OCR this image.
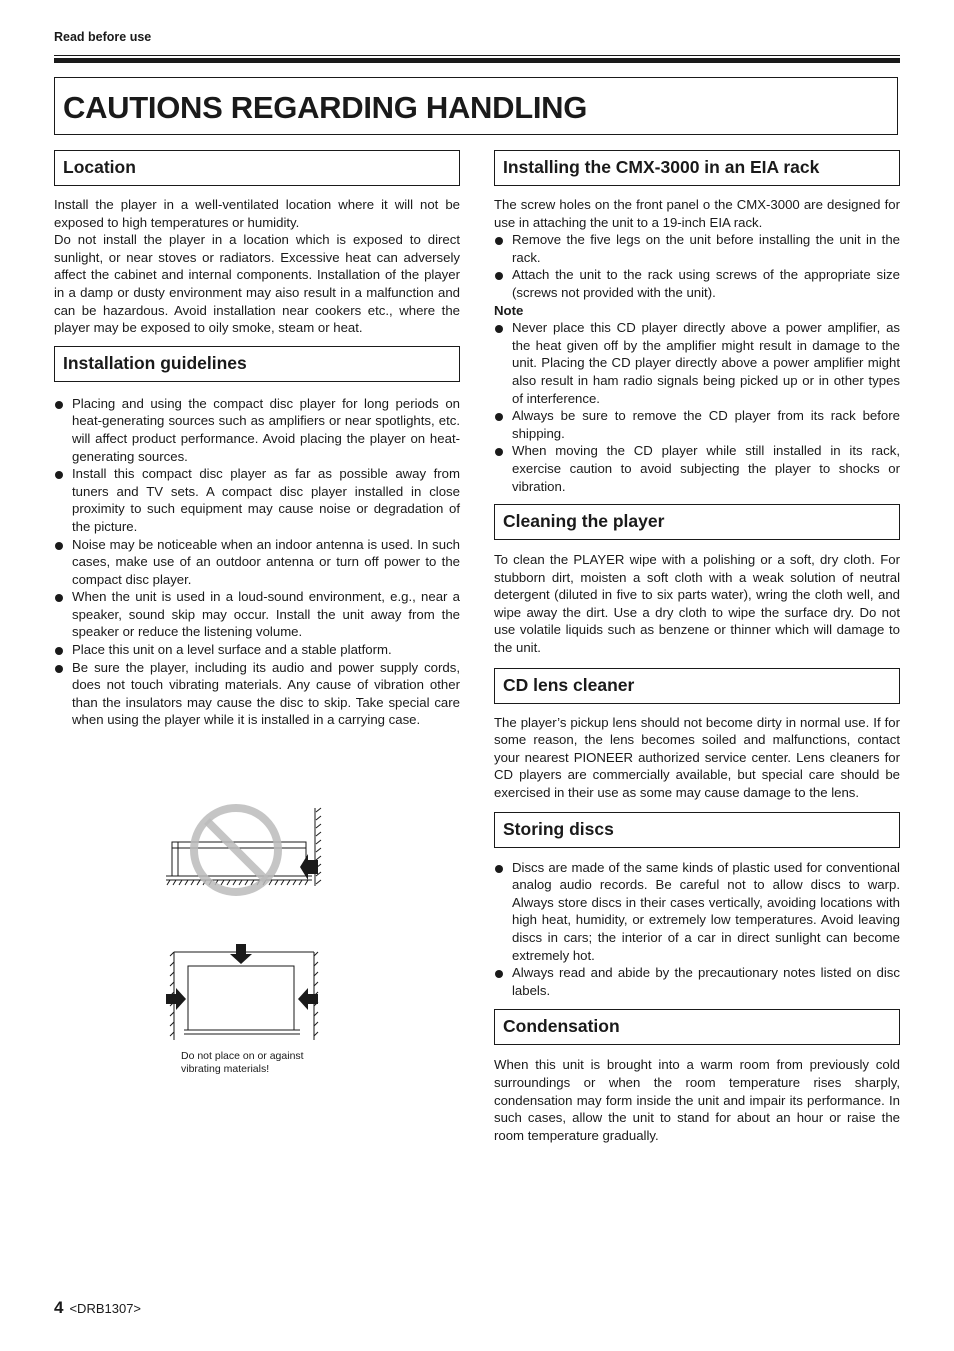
Read before use
CAUTIONS REGARDING HANDLING
Location

Install the player in a well-ventilated location where it will not be exposed to high temperatures or humidity.

Do not install the player in a location which is exposed to direct sunlight, or near stoves or radiators. Excessive heat can adversely affect the cabinet and internal components. Installation of the player in a damp or dusty environment may aiso result in a malfunction and can be hazardous. Avoid installation near cookers etc., where the player may be exposed to oily smoke, steam or heat.

Installation guidelines
Placing and using the compact disc player for long periods on heat-generating sources such as amplifiers or near spotlights, etc. will affect product performance. Avoid placing the player on heat-generating sources.
Install this compact disc player as far as possible away from tuners and TV sets. A compact disc player installed in close proximity to such equipment may cause noise or degradation of the picture.
Noise may be noticeable when an indoor antenna is used. In such cases, make use of an outdoor antenna or turn off power to the compact disc player.
When the unit is used in a loud-sound environment, e.g., near a speaker, sound skip may occur. Install the unit away from the speaker or reduce the listening volume.
Place this unit on a level surface and a stable platform.
Be sure the player, including its audio and power supply cords, does not touch vibrating materials. Any cause of vibration other than the insulators may cause the disc to skip. Take special care when using the player while it is installed in a carrying case.
Do not place on or against vibrating materials!
Installing the CMX-3000 in an EIA rack

The screw holes on the front panel o the CMX-3000 are designed for use in attaching the unit to a 19-inch EIA rack.

Remove the five legs on the unit before installing the unit in the rack.
Attach the unit to the rack using screws of the appropriate size (screws not provided with the unit).
Note
Never place this CD player directly above a power amplifier, as the heat given off by the amplifier might result in damage to the unit. Placing the CD player directly above a power amplifier might also result in ham radio signals being picked up or in other types of interference.
Always be sure to remove the CD player from its rack before shipping.
When moving the CD player while still installed in its rack, exercise caution to avoid subjecting the player to shocks or vibration.
Cleaning the player

To clean the PLAYER wipe with a polishing or a soft, dry cloth. For stubborn dirt, moisten a soft cloth with a weak solution of neutral detergent (diluted in five to six parts water), wring the cloth well, and wipe away the dirt. Use a dry cloth to wipe the surface dry. Do not use volatile liquids such as benzene or thinner which will damage to the unit.

CD lens cleaner

The player’s pickup lens should not become dirty in normal use. If for some reason, the lens becomes soiled and malfunctions, contact your nearest PIONEER authorized service center. Lens cleaners for CD players are commercially available, but special care should be exercised in their use as some may cause damage to the lens.

Storing discs
Discs are made of the same kinds of plastic used for conventional analog audio records. Be careful not to allow discs to warp. Always store discs in their cases vertically, avoiding locations with high heat, humidity, or extremely low temperatures. Avoid leaving discs in cars; the interior of a car in direct sunlight can become extremely hot.
Always read and abide by the precautionary notes listed on disc labels.
Condensation

When this unit is brought into a warm room from previously cold surroundings or when the room temperature rises sharply, condensation may form inside the unit and impair its performance. In such cases, allow the unit to stand for about an hour or raise the room temperature gradually.

4 <DRB1307>
